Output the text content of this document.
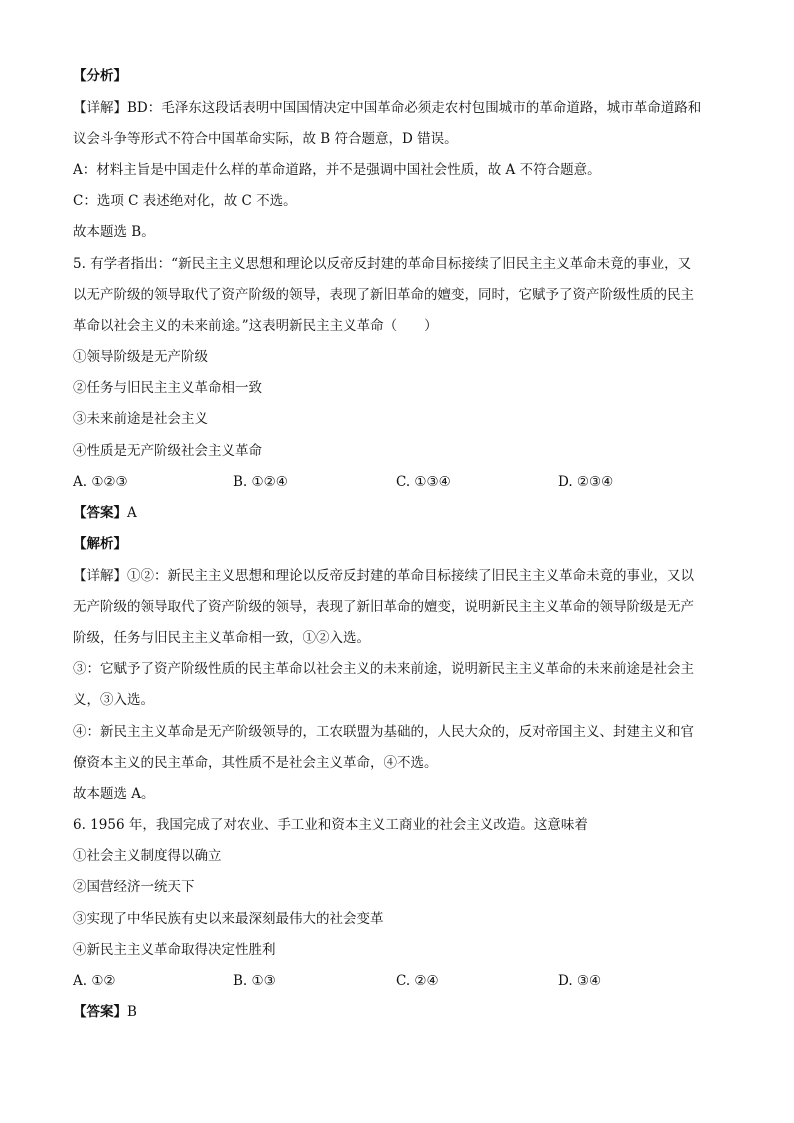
【分析】
【详解】BD：毛泽东这段话表明中国国情决定中国革命必须走农村包围城市的革命道路，城市革命道路和
议会斗争等形式不符合中国革命实际，故 B 符合题意，D 错误。
A：材料主旨是中国走什么样的革命道路，并不是强调中国社会性质，故 A 不符合题意。
C：选项 C 表述绝对化，故 C 不选。
故本题选 B。
5. 有学者指出：“新民主主义思想和理论以反帝反封建的革命目标接续了旧民主主义革命未竟的事业，又
以无产阶级的领导取代了资产阶级的领导，表现了新旧革命的嬗变，同时，它赋予了资产阶级性质的民主
革命以社会主义的未来前途。”这表明新民主主义革命（　　）
①领导阶级是无产阶级
②任务与旧民主主义革命相一致
③未来前途是社会主义
④性质是无产阶级社会主义革命
A. ①②③	B. ①②④	C. ①③④	D. ②③④
【答案】A
【解析】
【详解】①②：新民主主义思想和理论以反帝反封建的革命目标接续了旧民主主义革命未竟的事业，又以
无产阶级的领导取代了资产阶级的领导，表现了新旧革命的嬗变，说明新民主主义革命的领导阶级是无产
阶级，任务与旧民主主义革命相一致，①②入选。
③：它赋予了资产阶级性质的民主革命以社会主义的未来前途，说明新民主主义革命的未来前途是社会主
义，③入选。
④：新民主主义革命是无产阶级领导的，工农联盟为基础的，人民大众的，反对帝国主义、封建主义和官
僚资本主义的民主革命，其性质不是社会主义革命，④不选。
故本题选 A。
6. 1956 年，我国完成了对农业、手工业和资本主义工商业的社会主义改造。这意味着
①社会主义制度得以确立
②国营经济一统天下
③实现了中华民族有史以来最深刻最伟大的社会变革
④新民主主义革命取得决定性胜利
A. ①②	B. ①③	C. ②④	D. ③④
【答案】B
